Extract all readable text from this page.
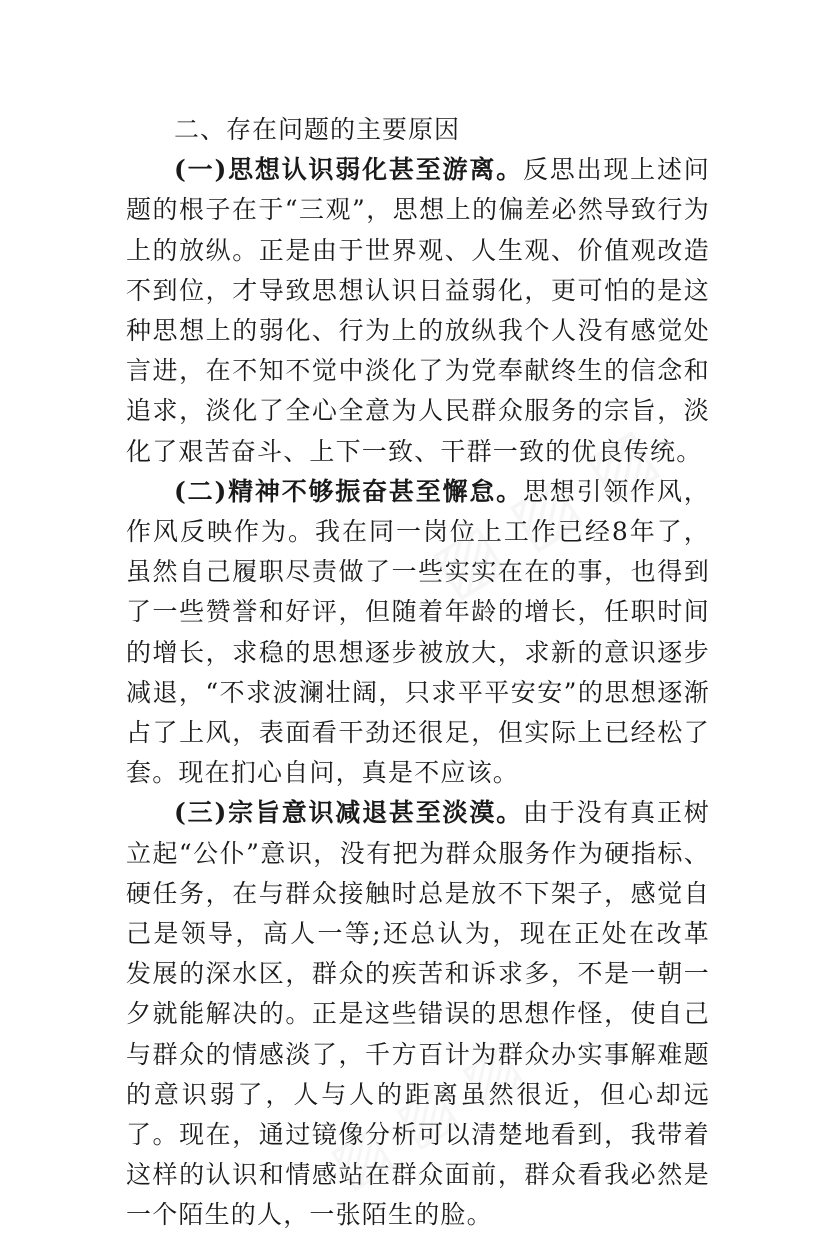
二、存在问题的主要原因

(一)思想认识弱化甚至游离。反思出现上述问题的根子在于“三观”，思想上的偏差必然导致行为上的放纵。正是由于世界观、人生观、价值观改造不到位，才导致思想认识日益弱化，更可怕的是这种思想上的弱化、行为上的放纵我个人没有感觉处言进，在不知不觉中淡化了为党奉献终生的信念和追求，淡化了全心全意为人民群众服务的宗旨，淡化了艰苦奋斗、上下一致、干群一致的优良传统。

(二)精神不够振奋甚至懈怠。思想引领作风，作风反映作为。我在同一岗位上工作已经8年了，虽然自己履职尽责做了一些实实在在的事，也得到了一些赞誉和好评，但随着年龄的增长，任职时间的增长，求稳的思想逐步被放大，求新的意识逐步减退，“不求波澜壮阔，只求平平安安”的思想逐渐占了上风，表面看干劲还很足，但实际上已经松了套。现在扪心自问，真是不应该。

(三)宗旨意识减退甚至淡漠。由于没有真正树立起“公仆”意识，没有把为群众服务作为硬指标、硬任务，在与群众接触时总是放不下架子，感觉自己是领导，高人一等;还总认为，现在正处在改革发展的深水区，群众的疾苦和诉求多，不是一朝一夕就能解决的。正是这些错误的思想作怪，使自己与群众的情感淡了，千方百计为群众办实事解难题的意识弱了，人与人的距离虽然很近，但心却远了。现在，通过镜像分析可以清楚地看到，我带着这样的认识和情感站在群众面前，群众看我必然是一个陌生的人，一张陌生的脸。
